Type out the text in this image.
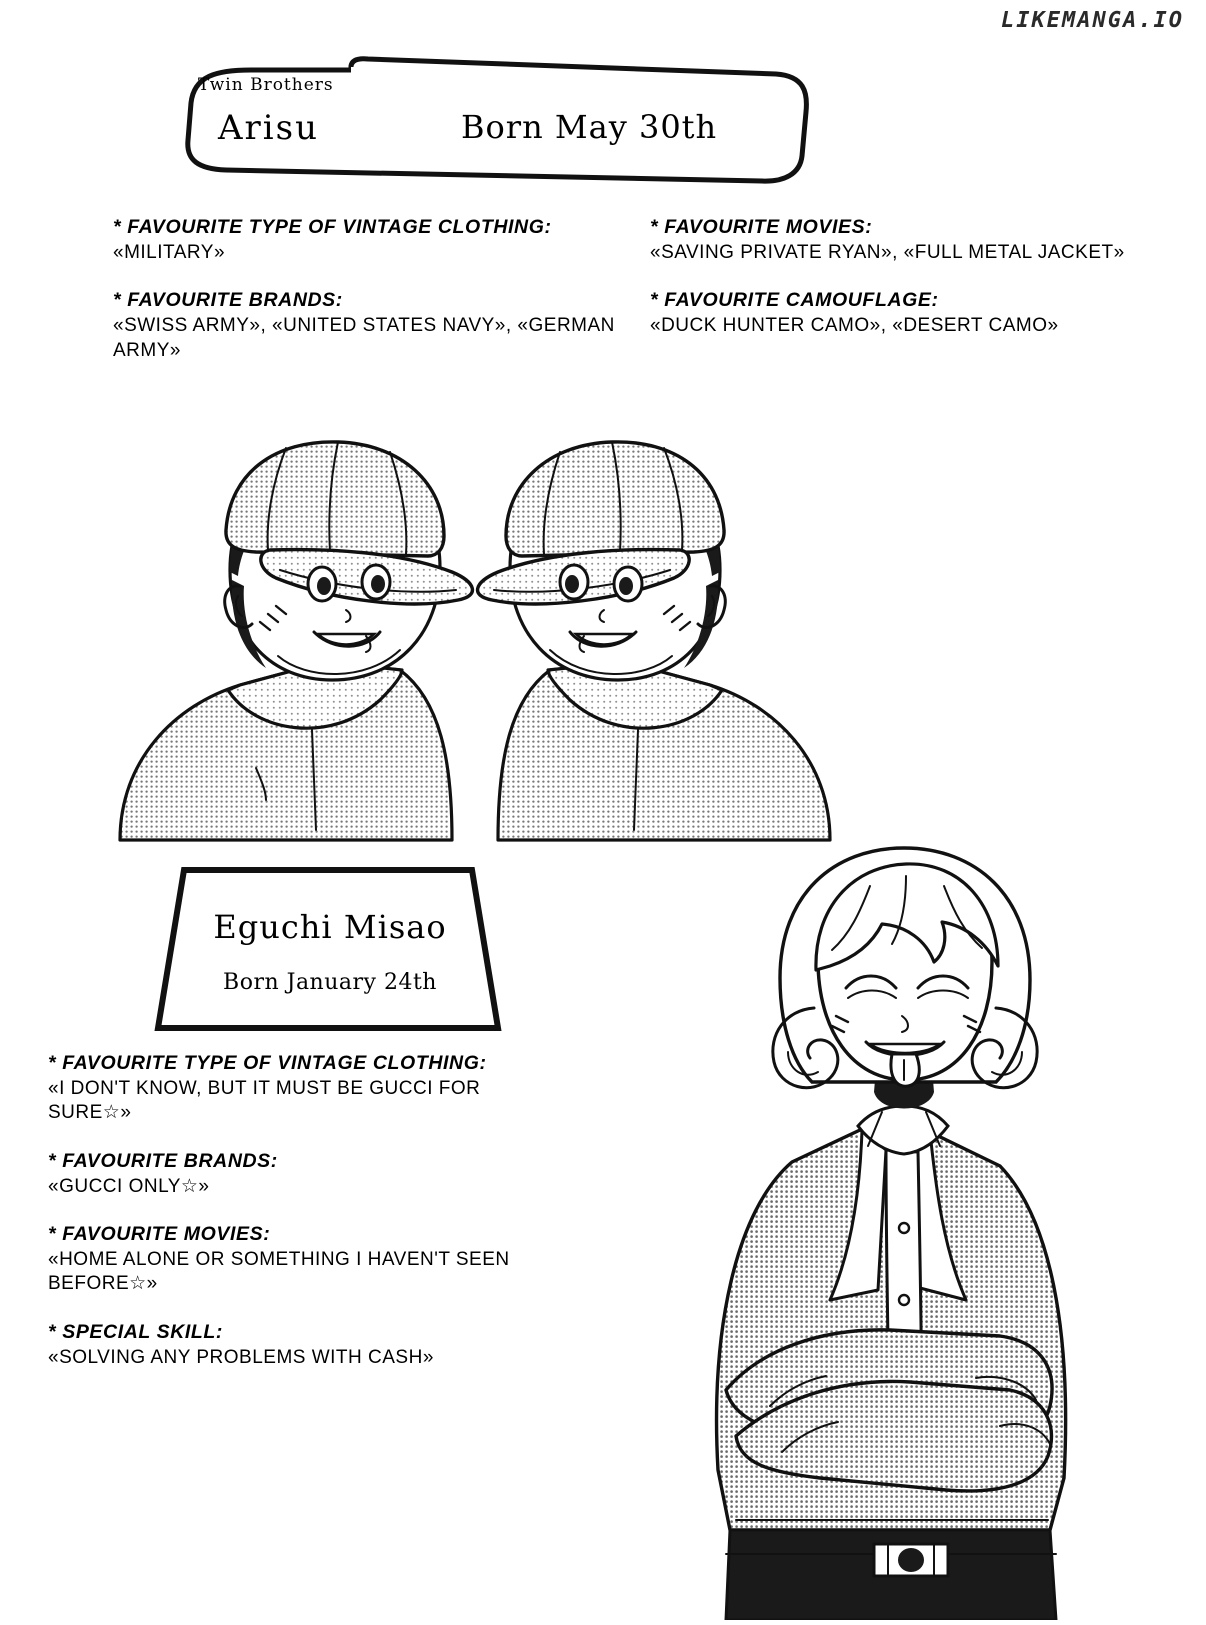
LIKEMANGA.IO
Twin Brothers
Arisu	Born May 30th

* FAVOURITE TYPE OF VINTAGE CLOTHING:

«MILITARY»

* FAVOURITE BRANDS:

«SWISS ARMY», «UNITED STATES NAVY», «GERMAN ARMY»

* FAVOURITE MOVIES:

«SAVING PRIVATE RYAN», «FULL METAL JACKET»

* FAVOURITE CAMOUFLAGE:

«DUCK HUNTER CAMO», «DESERT CAMO»

Eguchi Misao
Born January 24th

* FAVOURITE TYPE OF VINTAGE CLOTHING:

«I DON'T KNOW, BUT IT MUST BE GUCCI FOR SURE☆»

* FAVOURITE BRANDS:

«GUCCI ONLY☆»

* FAVOURITE MOVIES:

«HOME ALONE OR SOMETHING I HAVEN'T SEEN BEFORE☆»

* SPECIAL SKILL:

«SOLVING ANY PROBLEMS WITH CASH»
